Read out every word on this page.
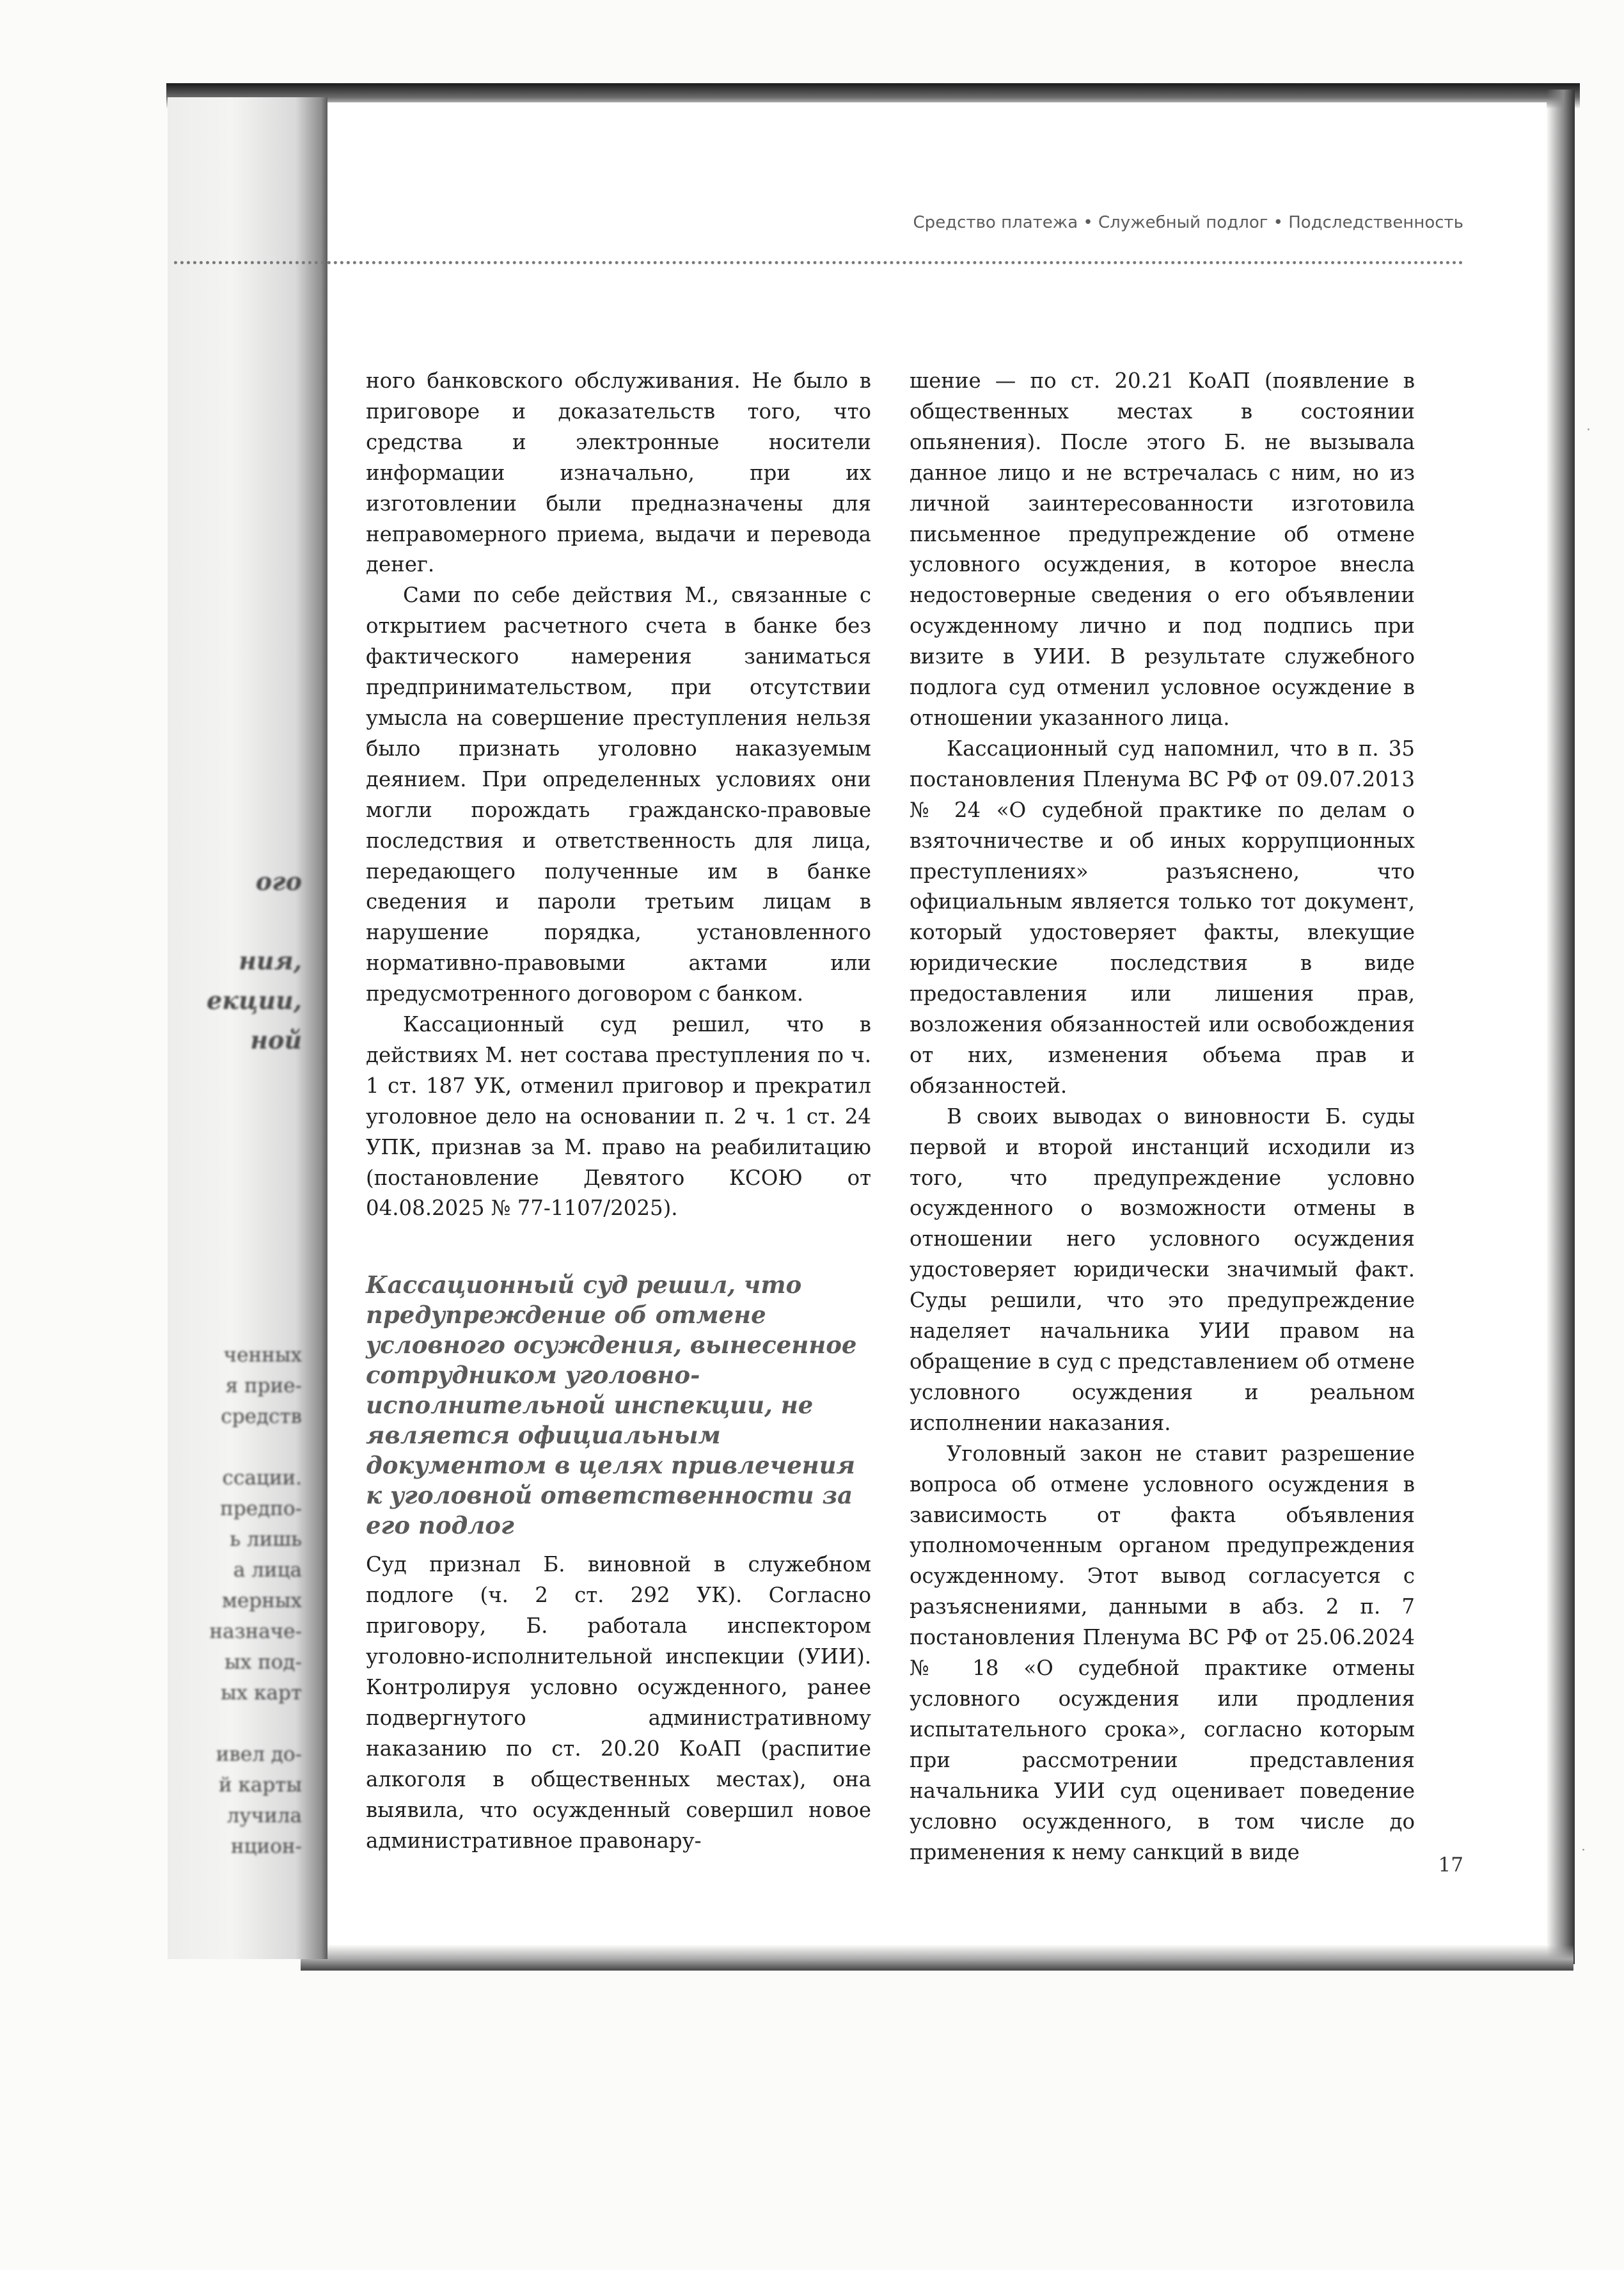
ого

ния,
екции,
ной

ченных
я прие-
средств

ссации.
предпо-
ь лишь
а лица
мерных
назначе-
ых под-
ых карт

ивел до-
й карты
лучила
нцион-

Средство платежа • Служебный подлог • Подследственность

ного банковского обслуживания. Не было в приговоре и доказательств того, что средства и электронные носители информации изначально, при их изготовлении были предназначены для неправомерного приема, выдачи и перевода денег.

Сами по себе действия М., связанные с открытием расчетного счета в банке без фактического намерения заниматься предпринимательством, при отсутствии умысла на совершение преступления нельзя было признать уголовно наказуемым деянием. При определенных условиях они могли порождать гражданско-правовые последствия и ответственность для лица, передающего полученные им в банке сведения и пароли третьим лицам в нарушение порядка, установленного нормативно-правовыми актами или предусмотренного договором с банком.

Кассационный суд решил, что в действиях М. нет состава преступления по ч. 1 ст. 187 УК, отменил приговор и прекратил уголовное дело на основании п. 2 ч. 1 ст. 24 УПК, признав за М. право на реабилитацию (постановление Девятого КСОЮ от 04.08.2025 № 77-1107/2025).

Кассационный суд решил, что предупреждение об отмене условного осуждения, вынесенное сотрудником уголовно-исполнительной инспекции, не является официальным документом в целях привлечения к уголовной ответственности за его подлог

Суд признал Б. виновной в служебном подлоге (ч. 2 ст. 292 УК). Согласно приговору, Б. работала инспектором уголовно-исполнительной инспекции (УИИ). Контролируя условно осужденного, ранее подвергнутого административному наказанию по ст. 20.20 КоАП (распитие алкоголя в общественных местах), она выявила, что осужденный совершил новое административное правонару-

шение — по ст. 20.21 КоАП (появление в общественных местах в состоянии опьянения). После этого Б. не вызывала данное лицо и не встречалась с ним, но из личной заинтересованности изготовила письменное предупреждение об отмене условного осуждения, в которое внесла недостоверные сведения о его объявлении осужденному лично и под подпись при визите в УИИ. В результате служебного подлога суд отменил условное осуждение в отношении указанного лица.

Кассационный суд напомнил, что в п. 35 постановления Пленума ВС РФ от 09.07.2013 № 24 «О судебной практике по делам о взяточничестве и об иных коррупционных преступлениях» разъяснено, что официальным является только тот документ, который удостоверяет факты, влекущие юридические последствия в виде предоставления или лишения прав, возложения обязанностей или освобождения от них, изменения объема прав и обязанностей.

В своих выводах о виновности Б. суды первой и второй инстанций исходили из того, что предупреждение условно осужденного о возможности отмены в отношении него условного осуждения удостоверяет юридически значимый факт. Суды решили, что это предупреждение наделяет начальника УИИ правом на обращение в суд с представлением об отмене условного осуждения и реальном исполнении наказания.

Уголовный закон не ставит разрешение вопроса об отмене условного осуждения в зависимость от факта объявления уполномоченным органом предупреждения осужденному. Этот вывод согласуется с разъяснениями, данными в абз. 2 п. 7 постановления Пленума ВС РФ от 25.06.2024 № 18 «О судебной практике отмены условного осуждения или продления испытательного срока», согласно которым при рассмотрении представления начальника УИИ суд оценивает поведение условно осужденного, в том числе до применения к нему санкций в виде

17

·
·
